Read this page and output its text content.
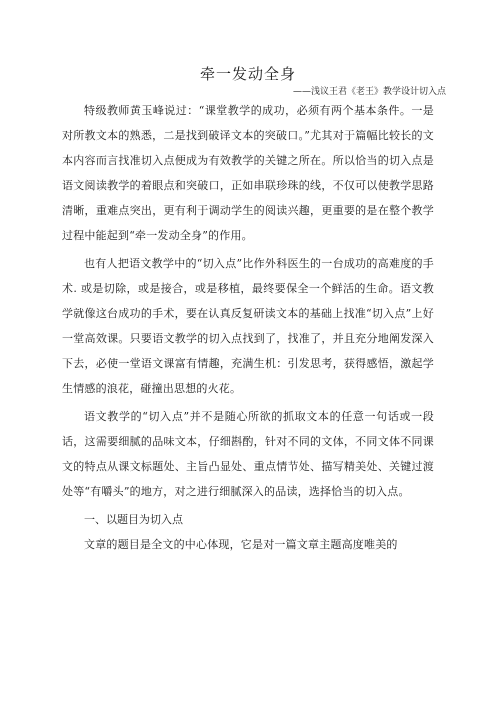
牵一发动全身
——浅议王君《老王》教学设计切入点

特级教师黄玉峰说过：“课堂教学的成功，必须有两个基本条件。一是对所教文本的熟悉，二是找到破译文本的突破口。”尤其对于篇幅比较长的文本内容而言找准切入点便成为有效教学的关键之所在。所以恰当的切入点是语文阅读教学的着眼点和突破口，正如串联珍珠的线，不仅可以使教学思路清晰，重难点突出，更有利于调动学生的阅读兴趣，更重要的是在整个教学过程中能起到“牵一发动全身”的作用。

也有人把语文教学中的“切入点”比作外科医生的一台成功的高难度的手术. 或是切除，或是接合，或是移植，最终要保全一个鲜活的生命。语文教学就像这台成功的手术，要在认真反复研读文本的基础上找准“切入点”上好一堂高效课。只要语文教学的切入点找到了，找准了，并且充分地阐发深入下去，必使一堂语文课富有情趣，充满生机：引发思考，获得感悟，激起学生情感的浪花，碰撞出思想的火花。

语文教学的“切入点”并不是随心所欲的抓取文本的任意一句话或一段话，这需要细腻的品味文本，仔细斟酌，针对不同的文体，不同文体不同课文的特点从课文标题处、主旨凸显处、重点情节处、描写精美处、关键过渡处等“有嚼头”的地方，对之进行细腻深入的品读，选择恰当的切入点。

一、以题目为切入点

文章的题目是全文的中心体现，它是对一篇文章主题高度唯美的
